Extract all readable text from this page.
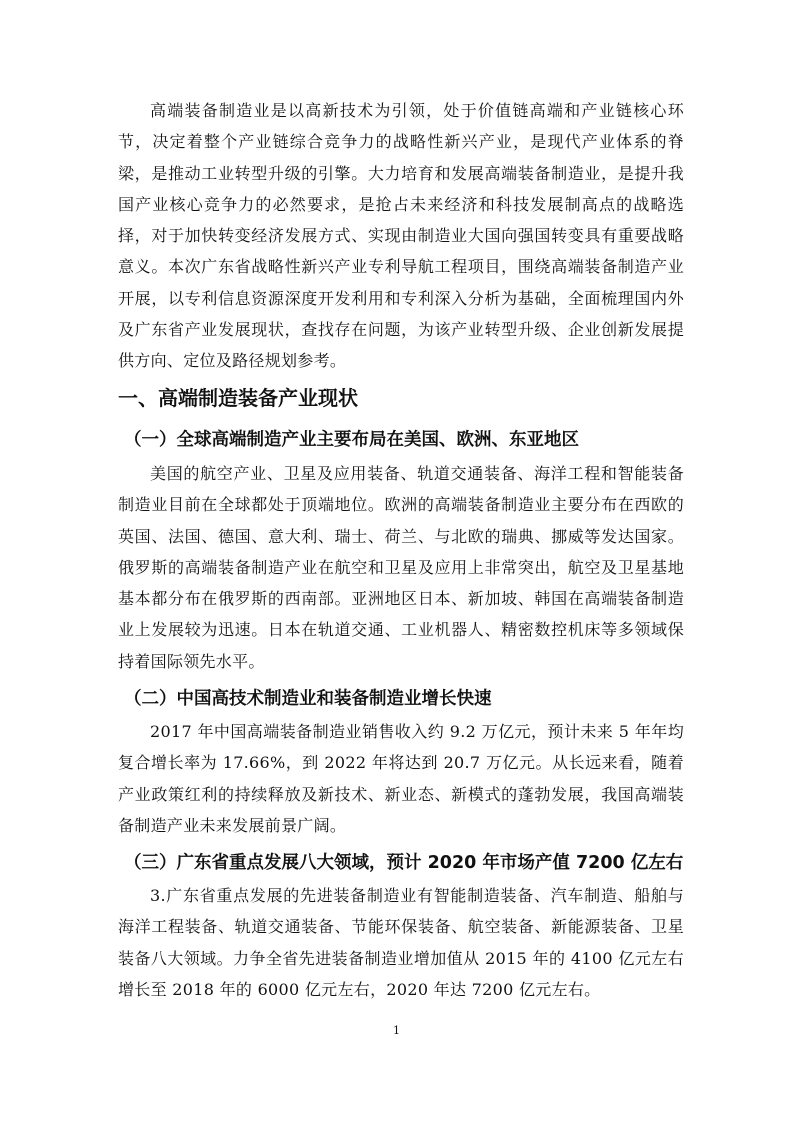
高端装备制造业是以高新技术为引领，处于价值链高端和产业链核心环节，决定着整个产业链综合竞争力的战略性新兴产业，是现代产业体系的脊梁，是推动工业转型升级的引擎。大力培育和发展高端装备制造业，是提升我国产业核心竞争力的必然要求，是抢占未来经济和科技发展制高点的战略选择，对于加快转变经济发展方式、实现由制造业大国向强国转变具有重要战略意义。本次广东省战略性新兴产业专利导航工程项目，围绕高端装备制造产业开展，以专利信息资源深度开发利用和专利深入分析为基础，全面梳理国内外及广东省产业发展现状，查找存在问题，为该产业转型升级、企业创新发展提供方向、定位及路径规划参考。

一、高端制造装备产业现状
（一）全球高端制造产业主要布局在美国、欧洲、东亚地区

美国的航空产业、卫星及应用装备、轨道交通装备、海洋工程和智能装备制造业目前在全球都处于顶端地位。欧洲的高端装备制造业主要分布在西欧的英国、法国、德国、意大利、瑞士、荷兰、与北欧的瑞典、挪威等发达国家。俄罗斯的高端装备制造产业在航空和卫星及应用上非常突出，航空及卫星基地基本都分布在俄罗斯的西南部。亚洲地区日本、新加坡、韩国在高端装备制造业上发展较为迅速。日本在轨道交通、工业机器人、精密数控机床等多领域保持着国际领先水平。

（二）中国高技术制造业和装备制造业增长快速

2017 年中国高端装备制造业销售收入约 9.2 万亿元，预计未来 5 年年均复合增长率为 17.66%，到 2022 年将达到 20.7 万亿元。从长远来看，随着产业政策红利的持续释放及新技术、新业态、新模式的蓬勃发展，我国高端装备制造产业未来发展前景广阔。

（三）广东省重点发展八大领域，预计 2020 年市场产值 7200 亿左右

3.广东省重点发展的先进装备制造业有智能制造装备、汽车制造、船舶与海洋工程装备、轨道交通装备、节能环保装备、航空装备、新能源装备、卫星装备八大领域。力争全省先进装备制造业增加值从 2015 年的 4100 亿元左右增长至 2018 年的 6000 亿元左右，2020 年达 7200 亿元左右。

1
